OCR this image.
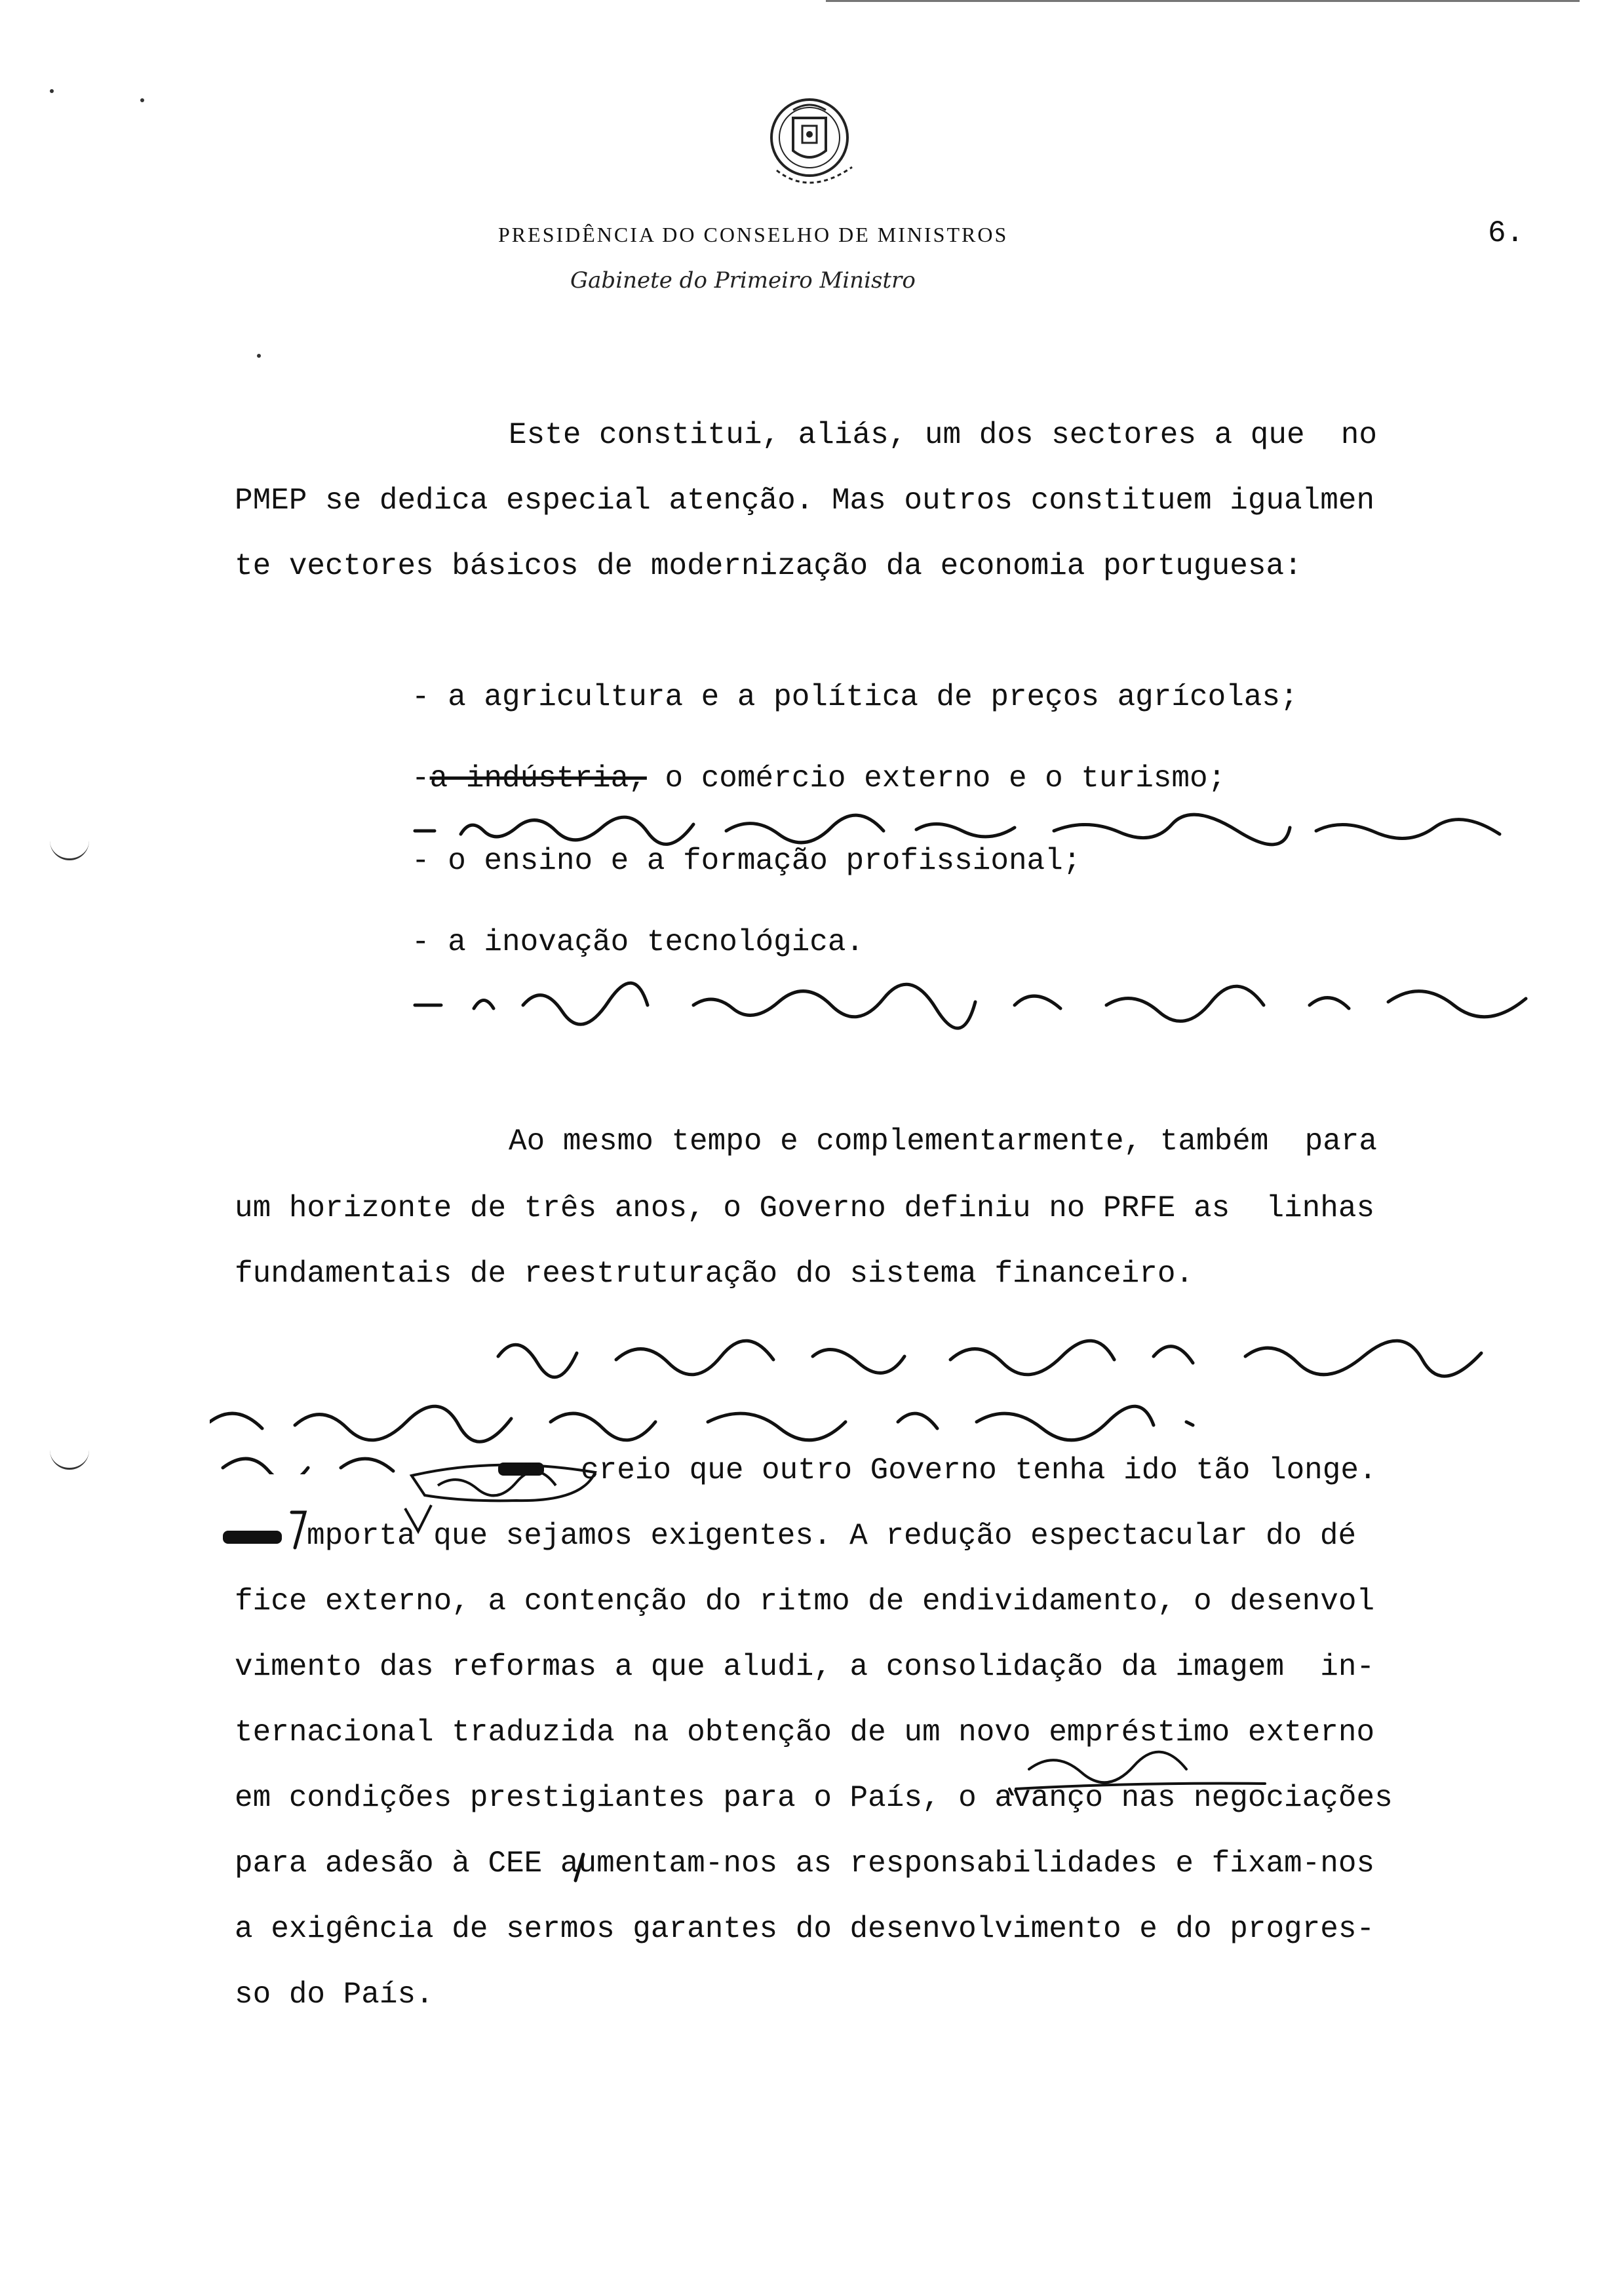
PRESIDÊNCIA DO CONSELHO DE MINISTROS	6.
Gabinete do Primeiro Ministro
Este constitui, aliás, um dos sectores a que  no
PMEP se dedica especial atenção. Mas outros constituem igualmen
te vectores básicos de modernização da economia portuguesa:
- a agricultura e a política de preços agrícolas;
-a indústria, o comércio externo e o turismo;
- o ensino e a formação profissional;
- a inovação tecnológica.
Ao mesmo tempo e complementarmente, também  para
um horizonte de três anos, o Governo definiu no PRFE as  linhas
fundamentais de reestruturação do sistema financeiro.
creio que outro Governo tenha ido tão longe.
mporta que sejamos exigentes. A redução espectacular do dé
fice externo, a contenção do ritmo de endividamento, o desenvol
vimento das reformas a que aludi, a consolidação da imagem  in-
ternacional traduzida na obtenção de um novo empréstimo externo
em condições prestigiantes para o País, o avanço nas negociações
para adesão à CEE aumentam-nos as responsabilidades e fixam-nos
a exigência de sermos garantes do desenvolvimento e do progres-
so do País.
